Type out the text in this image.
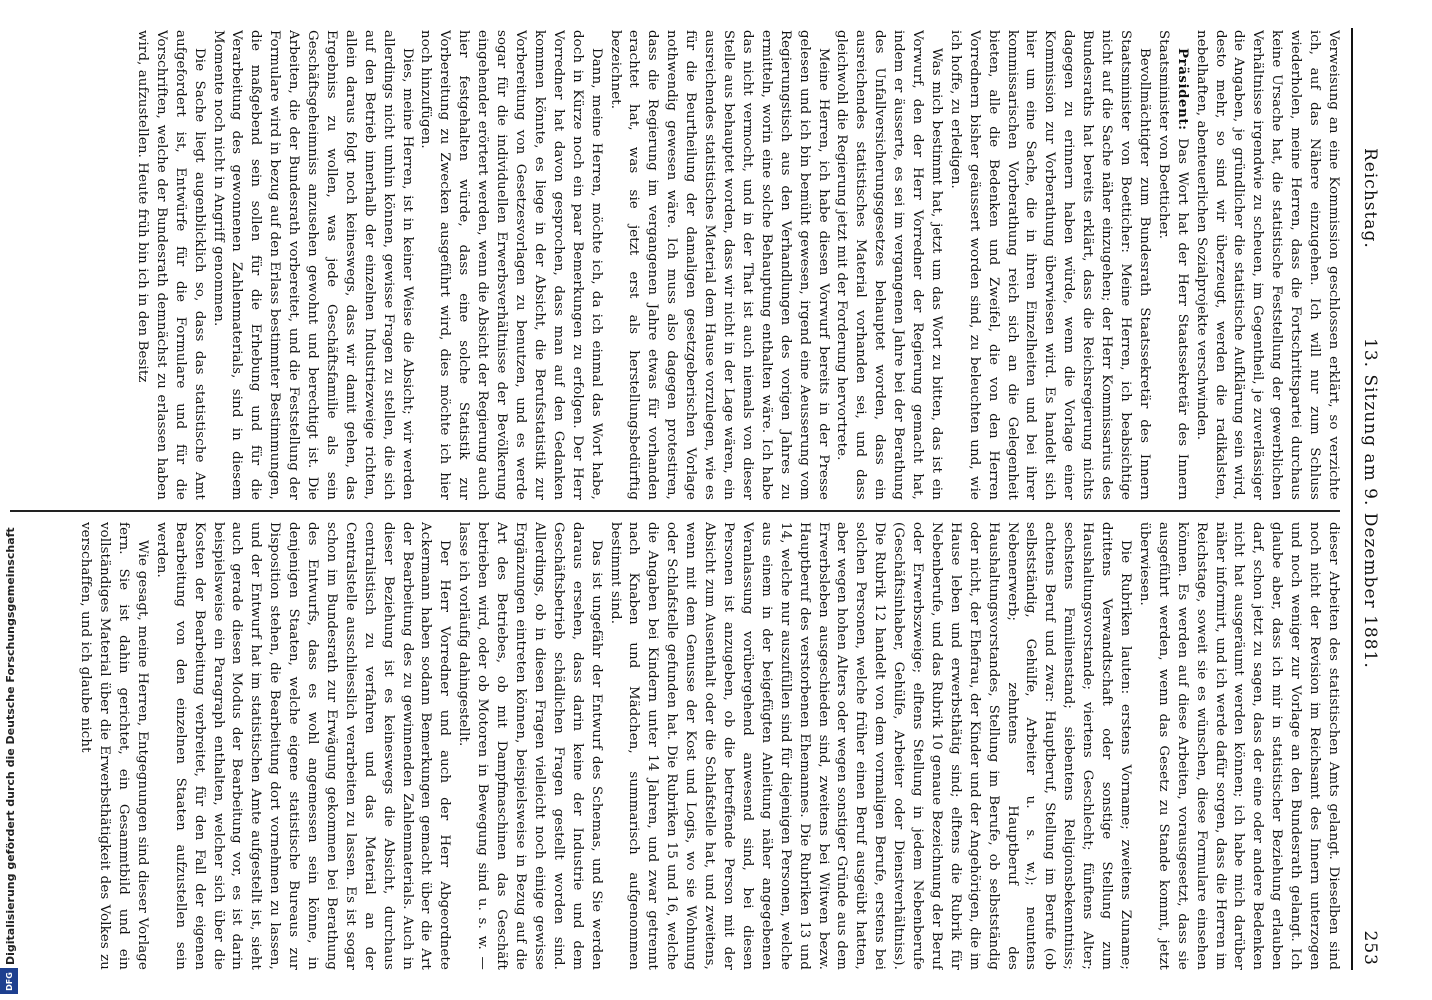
Reichstag.
13. Sitzung am 9. Dezember 1881.
253

Verweisung an eine Kommission geschlossen erklärt, so verzichte ich, auf das Nähere einzugehen. Ich will nur zum Schluss wiederholen, meine Herren, dass die Fortschrittspartei durchaus keine Ursache hat, die statistische Feststellung der gewerblichen Verhältnisse irgendwie zu scheuen, im Gegentheil, je zuverlässiger die Angaben, je gründlicher die statistische Aufklärung sein wird, desto mehr, so sind wir überzeugt, werden die radikalsten, nebelhaften, abenteuerlichen Sozialprojekte verschwinden.

Präsident: Das Wort hat der Herr Staatssekretär des Innern Staatsminister von Boetticher.

Bevollmächtigter zum Bundesrath Staatssekretär des Innern Staatsminister von Boetticher: Meine Herren, ich beabsichtige nicht auf die Sache näher einzugehen; der Herr Kommissarius des Bundesraths hat bereits erklärt, dass die Reichsregierung nichts dagegen zu erinnern haben würde, wenn die Vorlage einer Kommission zur Vorberathung überwiesen wird. Es handelt sich hier um eine Sache, die in ihren Einzelheiten und bei ihrer kommissarischen Vorberathung reich sich an die Gelegenheit bieten, alle die Bedenken und Zweifel, die von den Herren Vorrednern bisher geäussert worden sind, zu beleuchten und, wie ich hoffe, zu erledigen.

Was mich bestimmt hat, jetzt um das Wort zu bitten, das ist ein Vorwurf, den der Herr Vorredner der Regierung gemacht hat, indem er äusserte, es sei im vergangenen Jahre bei der Berathung des Unfallversicherungsgesetzes behauptet worden, dass ein ausreichendes statistisches Material vorhanden sei, und dass gleichwohl die Regierung jetzt mit der Forderung hervortrete.

Meine Herren, ich habe diesen Vorwurf bereits in der Presse gelesen und ich bin bemüht gewesen, irgend eine Aeusserung vom Regierungstisch aus den Verhandlungen des vorigen Jahres zu ermitteln, worin eine solche Behauptung enthalten wäre. Ich habe das nicht vermocht, und in der That ist auch niemals von dieser Stelle aus behauptet worden, dass wir nicht in der Lage wären, ein ausreichendes statistisches Material dem Hause vorzulegen, wie es für die Beurtheilung der damaligen gesetzgeberischen Vorlage nothwendig gewesen wäre. Ich muss also dagegen protestiren, dass die Regierung im vergangenen Jahre etwas für vorhanden erachtet hat, was sie jetzt erst als herstellungsbedürftig bezeichnet.

Dann, meine Herren, möchte ich, da ich einmal das Wort habe, doch in Kürze noch ein paar Bemerkungen zu erfolgen. Der Herr Vorredner hat davon gesprochen, dass man auf den Gedanken kommen könnte, es liege in der Absicht, die Berufsstatistik zur Vorbereitung von Gesetzesvorlagen zu benutzen, und es werde sogar für die individuellen Erwerbsverhältnisse der Bevölkerung eingehender erörtert werden, wenn die Absicht der Regierung auch hier festgehalten würde, dass eine solche Statistik zur Vorbereitung zu Zwecken ausgeführt wird, dies möchte ich hier noch hinzufügen.

Dies, meine Herren, ist in keiner Weise die Absicht; wir werden allerdings nicht umhin können, gewisse Fragen zu stellen, die sich auf den Betrieb innerhalb der einzelnen Industriezweige richten, allein daraus folgt noch keineswegs, dass wir damit gehen, das Ergebniss zu wollen, was jede Geschäftsfamilie als sein Geschäftsgeheimniss anzusehen gewohnt und berechtigt ist. Die Arbeiten, die der Bundesrath vorbereitet, und die Feststellung der Formulare wird in bezug auf den Erlass bestimmter Bestimmungen, die maßgebend sein sollen für die Erhebung und für die Verarbeitung des gewonnenen Zahlenmaterials, sind in diesem Momente noch nicht in Angriff genommen.

Die Sache liegt augenblicklich so, dass das statistische Amt aufgefordert ist, Entwürfe für die Formulare und für die Vorschriften, welche der Bundesrath demnächst zu erlassen haben wird, aufzustellen. Heute früh bin ich in den Besitz

dieser Arbeiten des statistischen Amts gelangt. Dieselben sind noch nicht der Revision im Reichsamt des Innern unterzogen und noch weniger zur Vorlage an den Bundesrath gelangt. Ich glaube aber, dass ich mir in statistischer Beziehung erlauben darf, schon jetzt zu sagen, dass der eine oder andere Bedenken nicht hat ausgeräumt werden können; ich habe mich darüber näher informirt, und ich werde dafür sorgen, dass die Herren im Reichstage, soweit sie es wünschen, diese Formulare einsehen können. Es werden auf diese Arbeiten, vorausgesetzt, dass sie ausgeführt werden, wenn das Gesetz zu Stande kommt, jetzt überwiesen.

Die Rubriken lauten: erstens Vorname; zweitens Zuname; drittens Verwandtschaft oder sonstige Stellung zum Haushaltungsvorstande; viertens Geschlecht; fünftens Alter; sechstens Familienstand; siebentens Religionsbekenntniss; achtens Beruf und zwar: Hauptberuf, Stellung im Berufe (ob selbstständig, Gehülfe, Arbeiter u. s. w.); neuntens Nebenerwerb; zehntens Hauptberuf des Haushaltungsvorstandes, Stellung im Berufe, ob selbstständig oder nicht, der Ehefrau, der Kinder und der Angehörigen, die im Hause leben und erwerbsthätig sind; elftens die Rubrik für Nebenberufe, und das Rubrik 10 genaue Bezeichnung der Beruf oder Erwerbszweige; elftens Stellung in jedem Nebenberufe (Geschäftsinhaber, Gehülfe, Arbeiter oder Dienstverhältniss). Die Rubrik 12 handelt von dem vormaligen Berufe, erstens bei solchen Personen, welche früher einen Beruf ausgeübt hatten, aber wegen hohen Alters oder wegen sonstiger Gründe aus dem Erwerbsleben ausgeschieden sind, zweitens bei Witwen bezw. Hauptberuf des verstorbenen Ehemannes. Die Rubriken 13 und 14, welche nur auszufüllen sind für diejenigen Personen, welche aus einem in der beigefügten Anleitung näher angegebenen Veranlassung vorübergehend anwesend sind, bei diesen Personen ist anzugeben, ob die betreffende Person mit der Absicht zum Ausenthalt oder die Schlafstelle hat, und zweitens, wenn mit dem Genusse der Kost und Logis, wo sie Wohnung oder Schlafstelle gefunden hat. Die Rubriken 15 und 16, welche die Angaben bei Kindern unter 14 Jahren, und zwar getrennt nach Knaben und Mädchen, summarisch aufgenommen bestimmt sind.

Das ist ungefähr der Entwurf des Schemas, und Sie werden daraus ersehen, dass darin keine der Industrie und dem Geschäftsbetrieb schädlichen Fragen gestellt worden sind. Allerdings, ob in diesen Fragen vielleicht noch einige gewisse Ergänzungen eintreten können, beispielsweise in Bezug auf die Art des Betriebes, ob mit Dampfmaschinen das Geschäft betrieben wird, oder ob Motoren in Bewegung sind u. s. w. — lasse ich vorläufig dahingestellt.

Der Herr Vorredner und auch der Herr Abgeordnete Ackermann haben sodann Bemerkungen gemacht über die Art der Bearbeitung des zu gewinnenden Zahlenmaterials. Auch in dieser Beziehung ist es keineswegs die Absicht, durchaus centralistisch zu verfahren und das Material an der Centralstelle ausschliesslich verarbeiten zu lassen. Es ist sogar schon im Bundesrath zur Erwägung gekommen bei Berathung des Entwurfs, dass es wohl angemessen sein könne, in denjenigen Staaten, welche eigene statistische Bureaus zur Disposition stehen, die Bearbeitung dort vornehmen zu lassen, und der Entwurf hat im statistischen Amte aufgestellt ist, sieht auch gerade diesen Modus der Bearbeitung vor, es ist darin beispielsweise ein Paragraph enthalten, welcher sich über die Kosten der Bearbeitung verbreitet, für den Fall der eigenen Bearbeitung von den einzelnen Staaten aufzustellen sein werden.

Wie gesagt, meine Herren, Entgegnungen sind dieser Vorlage fern. Sie ist dahin gerichtet, ein Gesammtbild und ein vollständiges Material über die Erwerbsthätigkeit des Volkes zu verschaffen, und ich glaube nicht

Digitalisierung gefördert durch die Deutsche Forschungsgemeinschaft
DFG
